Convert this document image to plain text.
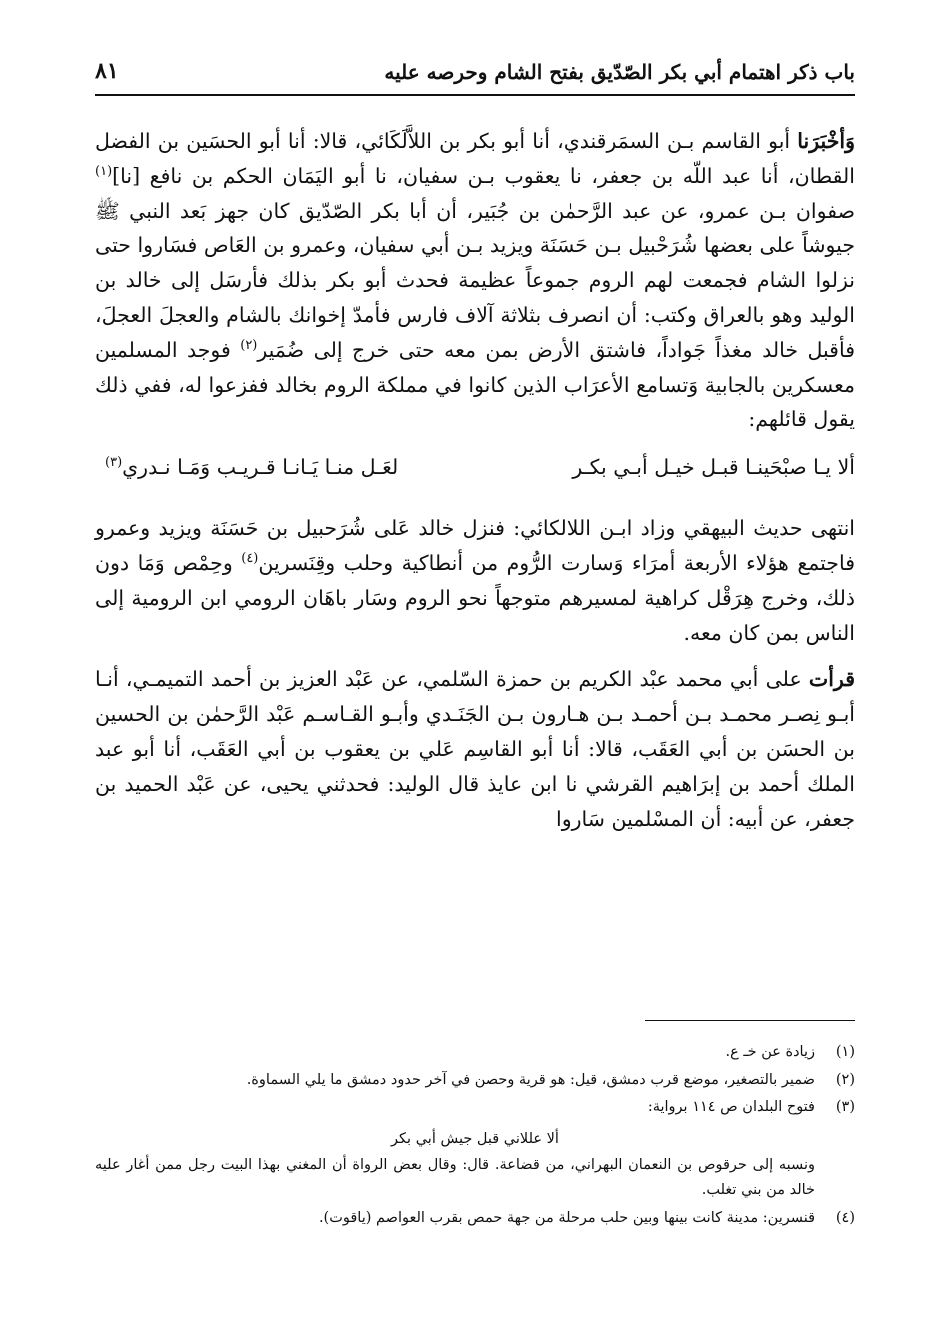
باب ذكر اهتمام أبي بكر الصّدّيق بفتح الشام وحرصه عليه
٨١

وَأخْبَرَنا أبو القاسم بـن السمَرقندي، أنا أبو بكر بن اللاَّلَكَائي، قالا: أنا أبو الحسَين بن الفضل القطان، أنا عبد اللّه بن جعفر، نا يعقوب بـن سفيان، نا أبو اليَمَان الحكم بن نافع [نا]$^{(١)}$ صفوان بـن عمرو، عن عبد الرَّحمٰن بن جُبَير، أن أبا بكر الصّدّيق كان جهز بَعد النبي ﷺ جيوشاً على بعضها شُرَحْبيل بـن حَسَنَة ويزيد بـن أبي سفيان، وعمرو بن العَاص فسَاروا حتى نزلوا الشام فجمعت لهم الروم جموعاً عظيمة فحدث أبو بكر بذلك فأرسَل إلى خالد بن الوليد وهو بالعراق وكتب: أن انصرف بثلاثة آلاف فارس فأمدّ إخوانك بالشام والعجلَ العجلَ، فأقبل خالد مغذاً جَواداً، فاشتق الأرض بمن معه حتى خرج إلى ضُمَير$^{(٢)}$ فوجد المسلمين معسكرين بالجابية وَتسامع الأعرَاب الذين كانوا في مملكة الروم بخالد ففزعوا له، ففي ذلك يقول قائلهم:

ألا يـا صبْحَينـا قبـل خيـل أبـي بكـر
لعَـل منـا يَـانـا قـريـب وَمَـا نـدري$^{(٣)}$

انتهى حديث البيهقي وزاد ابـن اللالكائي: فنزل خالد عَلى شُرَحبيل بن حَسَنَة ويزيد وعمرو فاجتمع هؤلاء الأربعة أمرَاء وَسارت الرُّوم من أنطاكية وحلب وقِنَسرين$^{(٤)}$ وحِمْص وَمَا دون ذلك، وخرج هِرَقْل كراهية لمسيرهم متوجهاً نحو الروم وسَار باهَان الرومي ابن الرومية إلى الناس بمن كان معه.

قرأت على أبي محمد عبْد الكريم بن حمزة السّلمي، عن عَبْد العزيز بن أحمد التميمـي، أنـا أبـو نِصـر محمـد بـن أحمـد بـن هـارون بـن الجَنَـدي وأبـو القـاسـم عَبْد الرَّحمٰن بن الحسين بن الحسَن بن أبي العَقَب، قالا: أنا أبو القاسِم عَلي بن يعقوب بن أبي العَقَب، أنا أبو عبد الملك أحمد بن إبرَاهيم القرشي نا ابن عايذ قال الوليد: فحدثني يحيى، عن عَبْد الحميد بن جعفر، عن أبيه: أن المسْلمين سَاروا

(١)
زيادة عن خـ ع.
(٢)
ضمير بالتصغير، موضع قرب دمشق، قيل: هو قرية وحصن في آخر حدود دمشق ما يلي السماوة.
(٣)
فتوح البلدان ص ١١٤ برواية:
ألا عللاني قبل جيش أبي بكر
ونسبه إلى حرقوص بن النعمان البهراني، من قضاعة. قال: وقال بعض الرواة أن المغني بهذا البيت رجل ممن أغار عليه خالد من بني تغلب.
(٤)
قنسرين: مدينة كانت بينها وبين حلب مرحلة من جهة حمص بقرب العواصم (ياقوت).
